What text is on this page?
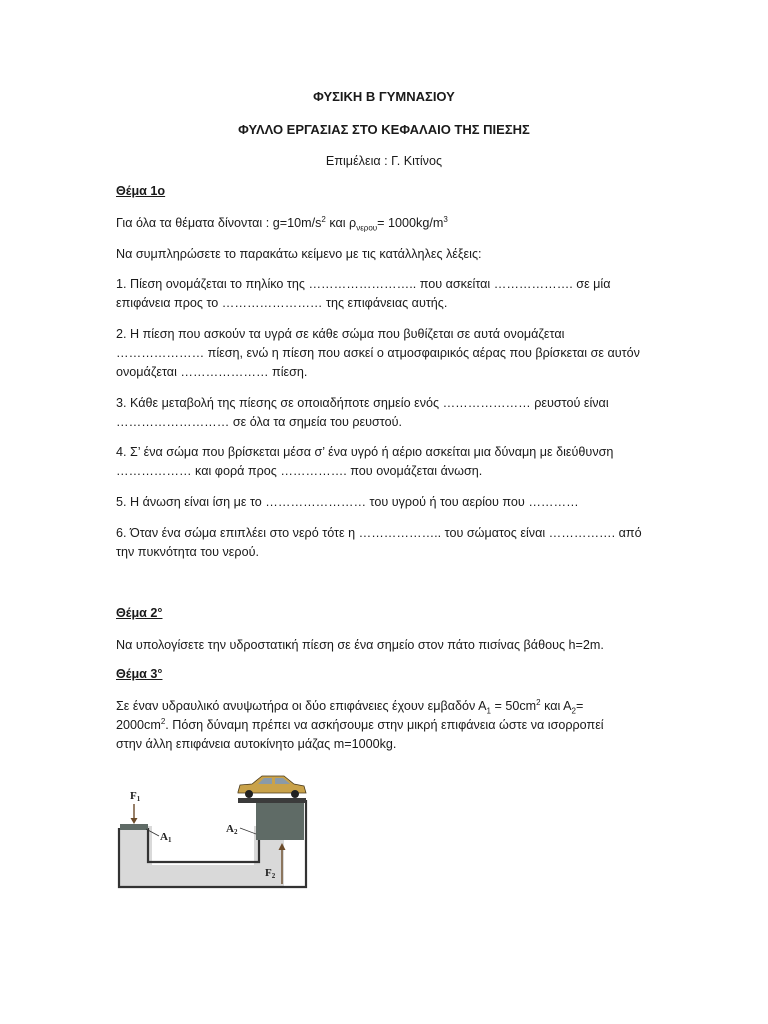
ΦΥΣΙΚΗ Β ΓΥΜΝΑΣΙΟΥ
ΦΥΛΛΟ ΕΡΓΑΣΙΑΣ ΣΤΟ ΚΕΦΑΛΑΙΟ ΤΗΣ ΠΙΕΣΗΣ
Επιμέλεια : Γ. Κιτίνος
Θέμα 1ο
Για όλα τα θέματα δίνονται : $g=10m/s^2$ και $\rho_{\nu\varepsilon\rho o\upsilon}= 1000kg/m^3$
Να συμπληρώσετε το παρακάτω κείμενο με τις κατάλληλες λέξεις:
1. Πίεση ονομάζεται το πηλίκο της …………………….. που ασκείται ………………. σε μία
επιφάνεια προς το …………………… της επιφάνειας αυτής.
2. Η πίεση που ασκούν τα υγρά σε κάθε σώμα που βυθίζεται σε αυτά ονομάζεται
………………… πίεση, ενώ η πίεση που ασκεί ο ατμοσφαιρικός αέρας που βρίσκεται σε αυτόν
ονομάζεται ………………… πίεση.
3. Κάθε μεταβολή της πίεσης σε οποιαδήποτε σημείο ενός ………………… ρευστού είναι
……………………… σε όλα τα σημεία του ρευστού.
4. Σ’ ένα σώμα που βρίσκεται μέσα σ’ ένα υγρό ή αέριο ασκείται μια δύναμη με διεύθυνση
……………… και φορά προς ……………. που ονομάζεται άνωση.
5. Η άνωση είναι ίση με το …………………… του υγρού ή του αερίου που …………
6. Όταν ένα σώμα επιπλέει στο νερό τότε η ……………….. του σώματος είναι ……………. από
την πυκνότητα του νερού.
Θέμα 2°
Να υπολογίσετε την υδροστατική πίεση σε ένα σημείο στον πάτο πισίνας βάθους h=2m.
Θέμα 3°
Σε έναν υδραυλικό ανυψωτήρα οι δύο επιφάνειες έχουν εμβαδόν $A_1 = 50cm^2$ και $A_2=$
$2000cm^2$. Πόση δύναμη πρέπει να ασκήσουμε στην μικρή επιφάνεια ώστε να ισορροπεί
στην άλλη επιφάνεια αυτοκίνητο μάζας m=1000kg.
F1
A1
A2
F2
